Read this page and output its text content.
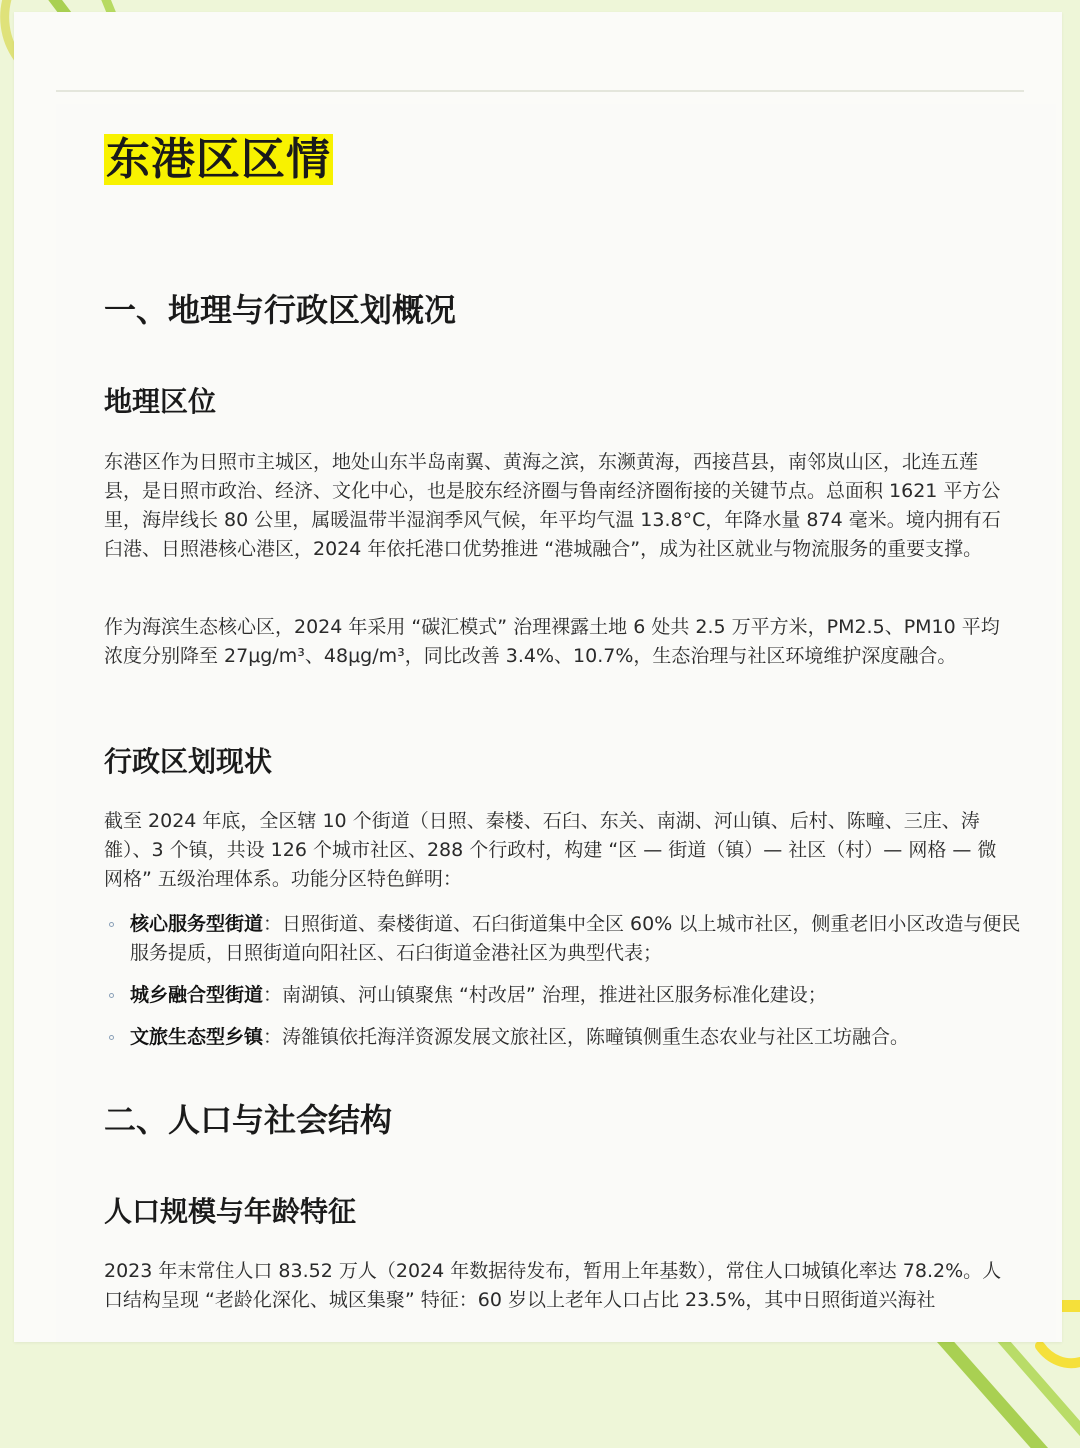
东港区区情
一、地理与行政区划概况
地理区位

东港区作为日照市主城区，地处山东半岛南翼、黄海之滨，东濒黄海，西接莒县，南邻岚山区，北连五莲县，是日照市政治、经济、文化中心，也是胶东经济圈与鲁南经济圈衔接的关键节点。总面积 1621 平方公里，海岸线长 80 公里，属暖温带半湿润季风气候，年平均气温 13.8°C，年降水量 874 毫米。境内拥有石臼港、日照港核心港区，2024 年依托港口优势推进 “港城融合”，成为社区就业与物流服务的重要支撑。

作为海滨生态核心区，2024 年采用 “碳汇模式” 治理裸露土地 6 处共 2.5 万平方米，PM2.5、PM10 平均浓度分别降至 27μg/m³、48μg/m³，同比改善 3.4%、10.7%，生态治理与社区环境维护深度融合。

行政区划现状

截至 2024 年底，全区辖 10 个街道（日照、秦楼、石臼、东关、南湖、河山镇、后村、陈疃、三庄、涛雒）、3 个镇，共设 126 个城市社区、288 个行政村，构建 “区 — 街道（镇）— 社区（村）— 网格 — 微网格” 五级治理体系。功能分区特色鲜明：

核心服务型街道：日照街道、秦楼街道、石臼街道集中全区 60% 以上城市社区，侧重老旧小区改造与便民服务提质，日照街道向阳社区、石臼街道金港社区为典型代表；
城乡融合型街道：南湖镇、河山镇聚焦 “村改居” 治理，推进社区服务标准化建设；
文旅生态型乡镇：涛雒镇依托海洋资源发展文旅社区，陈疃镇侧重生态农业与社区工坊融合。
二、人口与社会结构
人口规模与年龄特征

2023 年末常住人口 83.52 万人（2024 年数据待发布，暂用上年基数），常住人口城镇化率达 78.2%。人口结构呈现 “老龄化深化、城区集聚” 特征：60 岁以上老年人口占比 23.5%，其中日照街道兴海社
